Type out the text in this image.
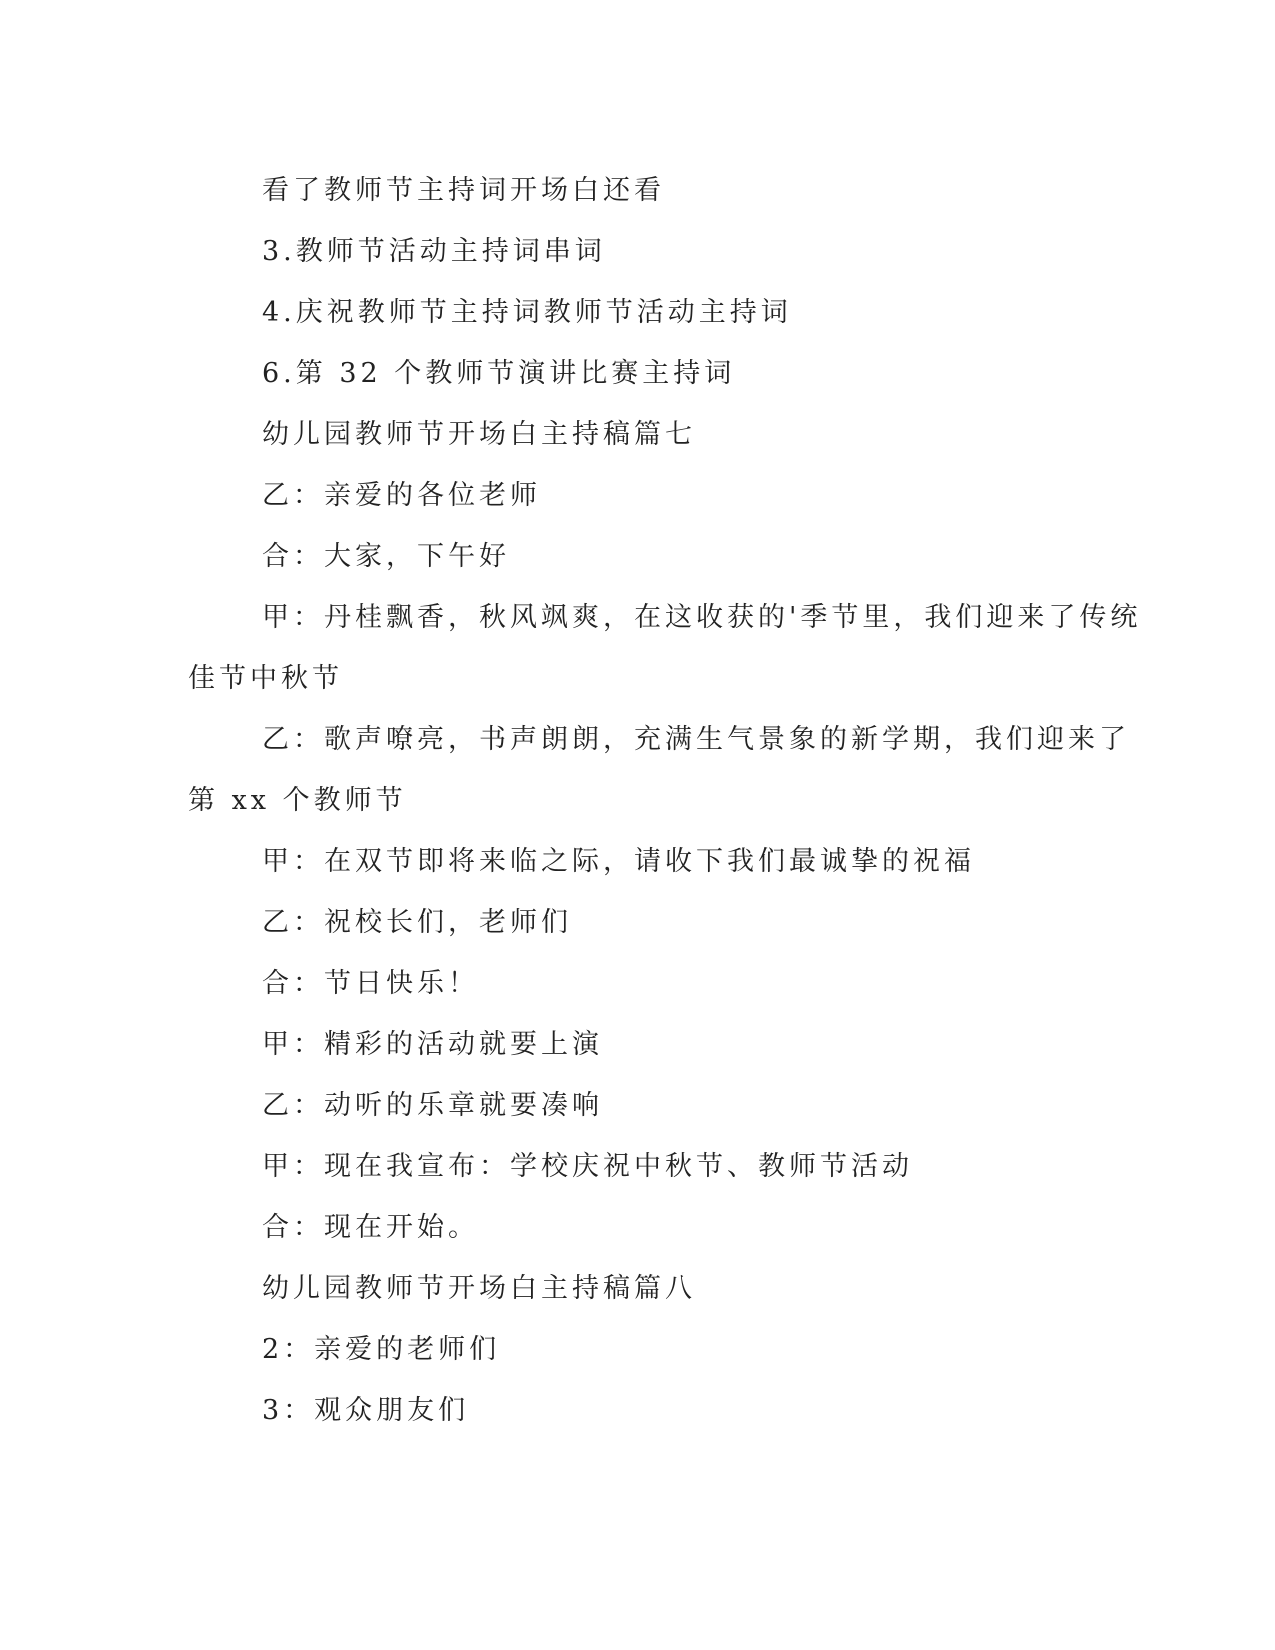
看了教师节主持词开场白还看
3.教师节活动主持词串词
4.庆祝教师节主持词教师节活动主持词
6.第 32 个教师节演讲比赛主持词
幼儿园教师节开场白主持稿篇七
乙：亲爱的各位老师
合：大家，下午好
甲：丹桂飘香，秋风飒爽，在这收获的'季节里，我们迎来了传统
佳节中秋节
乙：歌声嘹亮，书声朗朗，充满生气景象的新学期，我们迎来了
第 xx 个教师节
甲：在双节即将来临之际，请收下我们最诚挚的祝福
乙：祝校长们，老师们
合：节日快乐！
甲：精彩的活动就要上演
乙：动听的乐章就要凑响
甲：现在我宣布：学校庆祝中秋节、教师节活动
合：现在开始。
幼儿园教师节开场白主持稿篇八
2：亲爱的老师们
3：观众朋友们
